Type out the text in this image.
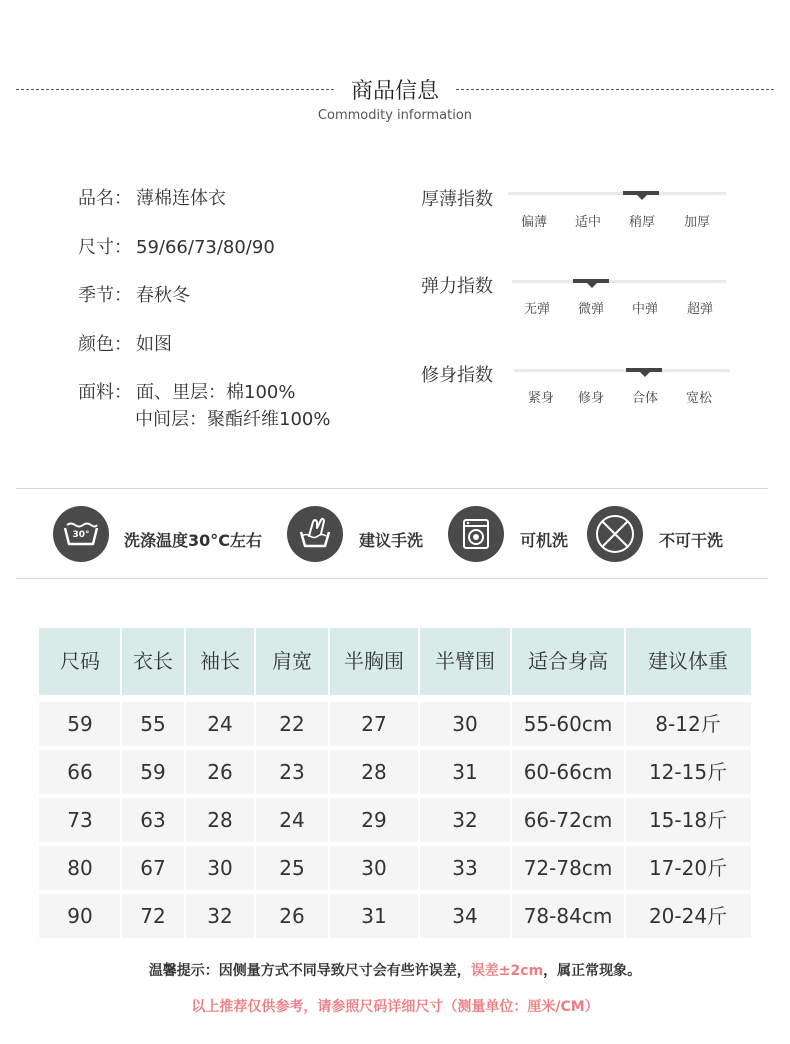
商品信息
Commodity information
品名： 薄棉连体衣
尺寸： 59/66/73/80/90
季节： 春秋冬
颜色： 如图
面料： 面、里层：棉100%
中间层：聚酯纤维100%
厚薄指数
偏薄	适中	稍厚	加厚
弹力指数
无弹	微弹	中弹	超弹
修身指数
紧身	修身	合体	宽松
30°	洗涤温度30°C左右	建议手洗	可机洗	不可干洗
尺码	衣长	袖长	肩宽	半胸围	半臂围	适合身高	建议体重
59	55	24	22	27	30	55-60cm	8-12斤
66	59	26	23	28	31	60-66cm	12-15斤
73	63	28	24	29	32	66-72cm	15-18斤
80	67	30	25	30	33	72-78cm	17-20斤
90	72	32	26	31	34	78-84cm	20-24斤
温馨提示：因侧量方式不同导致尺寸会有些许误差，误差±2cm，属正常现象。
以上推荐仅供参考，请参照尺码详细尺寸（测量单位：厘米/CM）
